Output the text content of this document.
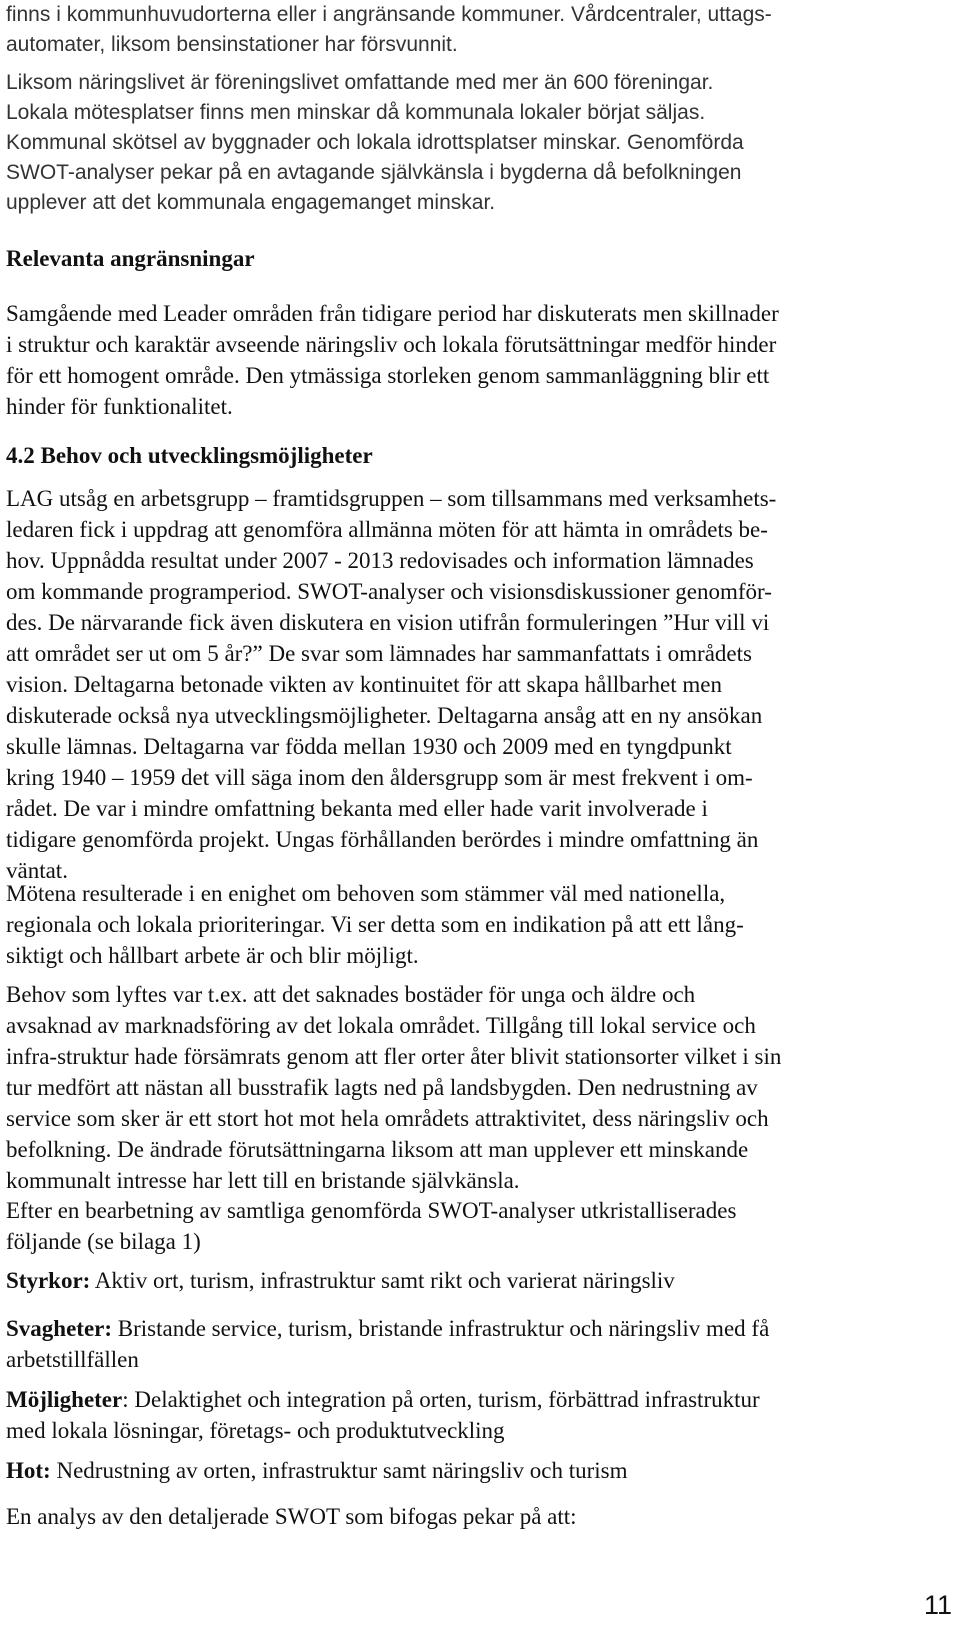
finns i kommunhuvudorterna eller i angränsande kommuner. Vårdcentraler, uttags-
automater, liksom bensinstationer har försvunnit.

Liksom näringslivet är föreningslivet omfattande med mer än 600 föreningar.
Lokala mötesplatser finns men minskar då kommunala lokaler börjat säljas.
Kommunal skötsel av byggnader och lokala idrottsplatser minskar. Genomförda
SWOT-analyser pekar på en avtagande självkänsla i bygderna då befolkningen
upplever att det kommunala engagemanget minskar.

Relevanta angränsningar

Samgående med Leader områden från tidigare period har diskuterats men skillnader
i struktur och karaktär avseende näringsliv och lokala förutsättningar medför hinder
för ett homogent område. Den ytmässiga storleken genom sammanläggning blir ett
hinder för funktionalitet.

4.2 Behov och utvecklingsmöjligheter

LAG utsåg en arbetsgrupp – framtidsgruppen – som tillsammans med verksamhets-
ledaren fick i uppdrag att genomföra allmänna möten för att hämta in områdets be-
hov. Uppnådda resultat under 2007 - 2013 redovisades och information lämnades
om kommande programperiod. SWOT-analyser och visionsdiskussioner genomför-
des. De närvarande fick även diskutera en vision utifrån formuleringen ”Hur vill vi
att området ser ut om 5 år?” De svar som lämnades har sammanfattats i områdets
vision. Deltagarna betonade vikten av kontinuitet för att skapa hållbarhet men
diskuterade också nya utvecklingsmöjligheter. Deltagarna ansåg att en ny ansökan
skulle lämnas. Deltagarna var födda mellan 1930 och 2009 med en tyngdpunkt
kring 1940 – 1959 det vill säga inom den åldersgrupp som är mest frekvent i om-
rådet. De var i mindre omfattning bekanta med eller hade varit involverade i
tidigare genomförda projekt. Ungas förhållanden berördes i mindre omfattning än
väntat.

Mötena resulterade i en enighet om behoven som stämmer väl med nationella,
regionala och lokala prioriteringar. Vi ser detta som en indikation på att ett lång-
siktigt och hållbart arbete är och blir möjligt.

Behov som lyftes var t.ex. att det saknades bostäder för unga och äldre och
avsaknad av marknadsföring av det lokala området. Tillgång till lokal service och
infra-struktur hade försämrats genom att fler orter åter blivit stationsorter vilket i sin
tur medfört att nästan all busstrafik lagts ned på landsbygden. Den nedrustning av
service som sker är ett stort hot mot hela områdets attraktivitet, dess näringsliv och
befolkning. De ändrade förutsättningarna liksom att man upplever ett minskande
kommunalt intresse har lett till en bristande självkänsla.

Efter en bearbetning av samtliga genomförda SWOT-analyser utkristalliserades
följande (se bilaga 1)

Styrkor: Aktiv ort, turism, infrastruktur samt rikt och varierat näringsliv

Svagheter: Bristande service, turism, bristande infrastruktur och näringsliv med få
arbetstillfällen

Möjligheter: Delaktighet och integration på orten, turism, förbättrad infrastruktur
med lokala lösningar, företags- och produktutveckling

Hot: Nedrustning av orten, infrastruktur samt näringsliv och turism

En analys av den detaljerade SWOT som bifogas pekar på att:

11
